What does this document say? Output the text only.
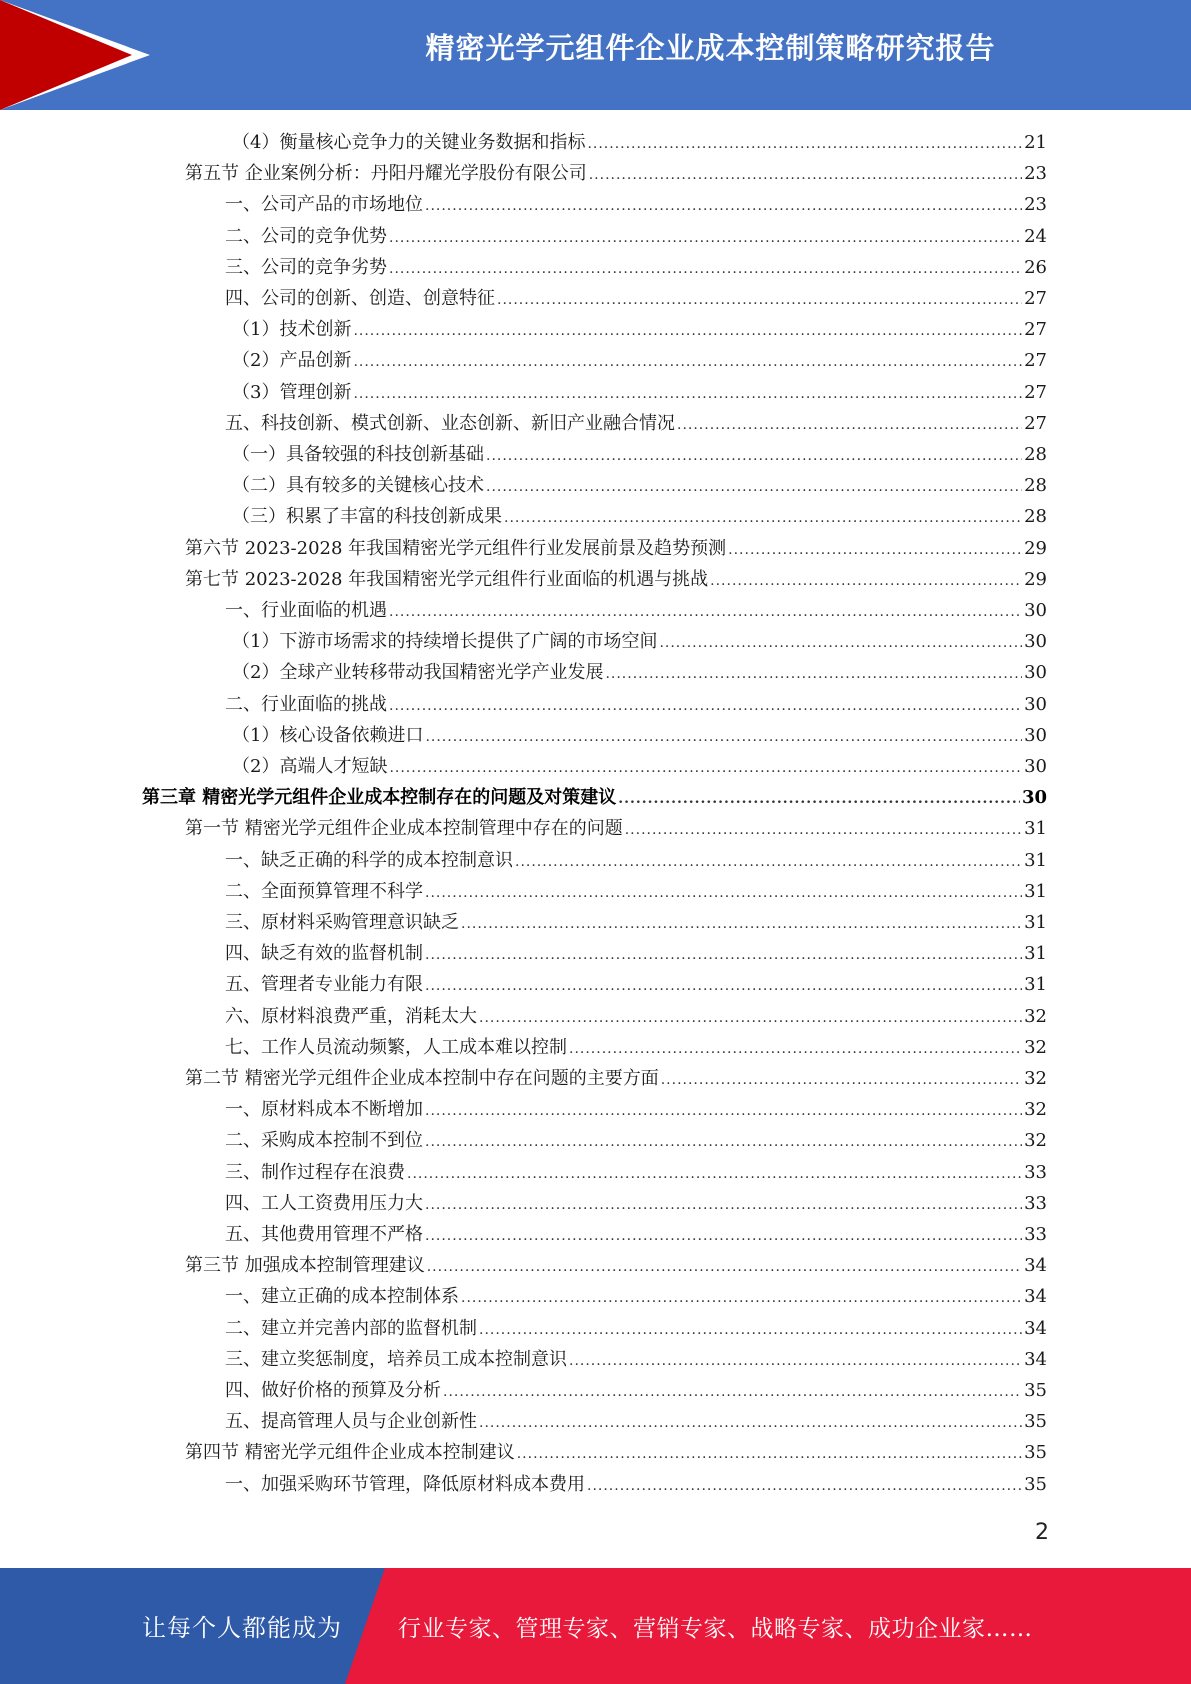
精密光学元组件企业成本控制策略研究报告
（4）衡量核心竞争力的关键业务数据和指标 .....	21
第五节 企业案例分析：丹阳丹耀光学股份有限公司 .....	23
一、公司产品的市场地位 .....	23
二、公司的竞争优势 .....	24
三、公司的竞争劣势 .....	26
四、公司的创新、创造、创意特征 .....	27
（1）技术创新 .....	27
（2）产品创新 .....	27
（3）管理创新 .....	27
五、科技创新、模式创新、业态创新、新旧产业融合情况 .....	27
（一）具备较强的科技创新基础 .....	28
（二）具有较多的关键核心技术 .....	28
（三）积累了丰富的科技创新成果 .....	28
第六节 2023-2028 年我国精密光学元组件行业发展前景及趋势预测 .....	29
第七节 2023-2028 年我国精密光学元组件行业面临的机遇与挑战 .....	29
一、行业面临的机遇 .....	30
（1）下游市场需求的持续增长提供了广阔的市场空间 .....	30
（2）全球产业转移带动我国精密光学产业发展 .....	30
二、行业面临的挑战 .....	30
（1）核心设备依赖进口 .....	30
（2）高端人才短缺 .....	30
第三章 精密光学元组件企业成本控制存在的问题及对策建议 .....	30
第一节 精密光学元组件企业成本控制管理中存在的问题 .....	31
一、缺乏正确的科学的成本控制意识 .....	31
二、全面预算管理不科学 .....	31
三、原材料采购管理意识缺乏 .....	31
四、缺乏有效的监督机制 .....	31
五、管理者专业能力有限 .....	31
六、原材料浪费严重，消耗太大 .....	32
七、工作人员流动频繁，人工成本难以控制 .....	32
第二节 精密光学元组件企业成本控制中存在问题的主要方面 .....	32
一、原材料成本不断增加 .....	32
二、采购成本控制不到位 .....	32
三、制作过程存在浪费 .....	33
四、工人工资费用压力大 .....	33
五、其他费用管理不严格 .....	33
第三节 加强成本控制管理建议 .....	34
一、建立正确的成本控制体系 .....	34
二、建立并完善内部的监督机制 .....	34
三、建立奖惩制度，培养员工成本控制意识 .....	34
四、做好价格的预算及分析 .....	35
五、提高管理人员与企业创新性 .....	35
第四节 精密光学元组件企业成本控制建议 .....	35
一、加强采购环节管理，降低原材料成本费用 .....	35
2
让每个人都能成为 行业专家、管理专家、营销专家、战略专家、成功企业家……
